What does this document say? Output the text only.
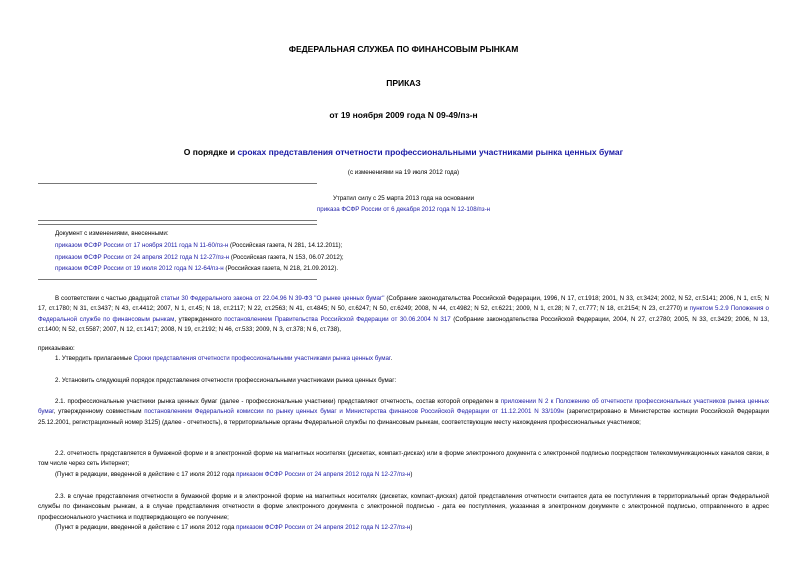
ФЕДЕРАЛЬНАЯ СЛУЖБА ПО ФИНАНСОВЫМ РЫНКАМ
ПРИКАЗ
от 19 ноября 2009 года N 09-49/пз-н
О порядке и сроках представления отчетности профессиональными участниками рынка ценных бумаг
(с изменениями на 19 июля 2012 года)
Утратил силу с 25 марта 2013 года на основании
приказа ФСФР России от 6 декабря 2012 года N 12-108/пз-н
Документ с изменениями, внесенными:
приказом ФСФР России от 17 ноября 2011 года N 11-60/пз-н (Российская газета, N 281, 14.12.2011);
приказом ФСФР России от 24 апреля 2012 года N 12-27/пз-н (Российская газета, N 153, 06.07.2012);
приказом ФСФР России от 19 июля 2012 года N 12-64/пз-н (Российская газета, N 218, 21.09.2012).
В соответствии с частью двадцатой статьи 30 Федерального закона от 22.04.96 N 39-ФЗ "О рынке ценных бумаг" (Собрание законодательства Российской Федерации, 1996, N 17, ст.1918; 2001, N 33, ст.3424; 2002, N 52, ст.5141; 2006, N 1, ст.5; N 17, ст.1780; N 31, ст.3437; N 43, ст.4412; 2007, N 1, ст.45; N 18, ст.2117; N 22, ст.2563; N 41, ст.4845; N 50, ст.6247; N 50, ст.6249; 2008, N 44, ст.4982; N 52, ст.6221; 2009, N 1, ст.28; N 7, ст.777; N 18, ст.2154; N 23, ст.2770) и пунктом 5.2.9 Положения о Федеральной службе по финансовым рынкам, утвержденного постановлением Правительства Российской Федерации от 30.06.2004 N 317 (Собрание законодательства Российской Федерации, 2004, N 27, ст.2780; 2005, N 33, ст.3429; 2006, N 13, ст.1400; N 52, ст.5587; 2007, N 12, ст.1417; 2008, N 19, ст.2192; N 46, ст.533; 2009, N 3, ст.378; N 6, ст.738),
приказываю:
1. Утвердить прилагаемые Сроки представления отчетности профессиональными участниками рынка ценных бумаг.
2. Установить следующий порядок представления отчетности профессиональными участниками рынка ценных бумаг:
2.1. профессиональные участники рынка ценных бумаг (далее - профессиональные участники) представляют отчетность, состав которой определен в приложении N 2 к Положению об отчетности профессиональных участников рынка ценных бумаг, утвержденному совместным постановлением Федеральной комиссии по рынку ценных бумаг и Министерства финансов Российской Федерации от 11.12.2001 N 33/109н (зарегистрировано в Министерстве юстиции Российской Федерации 25.12.2001, регистрационный номер 3125) (далее - отчетность), в территориальные органы Федеральной службы по финансовым рынкам, соответствующие месту нахождения профессиональных участников;
2.2. отчетность представляется в бумажной форме и в электронной форме на магнитных носителях (дискетах, компакт-дисках) или в форме электронного документа с электронной подписью посредством телекоммуникационных каналов связи, в том числе через сеть Интернет;
(Пункт в редакции, введенной в действие с 17 июля 2012 года приказом ФСФР России от 24 апреля 2012 года N 12-27/пз-н)
2.3. в случае представления отчетности в бумажной форме и в электронной форме на магнитных носителях (дискетах, компакт-дисках) датой представления отчетности считается дата ее поступления в территориальный орган Федеральной службы по финансовым рынкам, а в случае представления отчетности в форме электронного документа с электронной подписью - дата ее поступления, указанная в электронном документе с электронной подписью, отправленного в адрес профессионального участника и подтверждающего ее получение;
(Пункт в редакции, введенной в действие с 17 июля 2012 года приказом ФСФР России от 24 апреля 2012 года N 12-27/пз-н)
